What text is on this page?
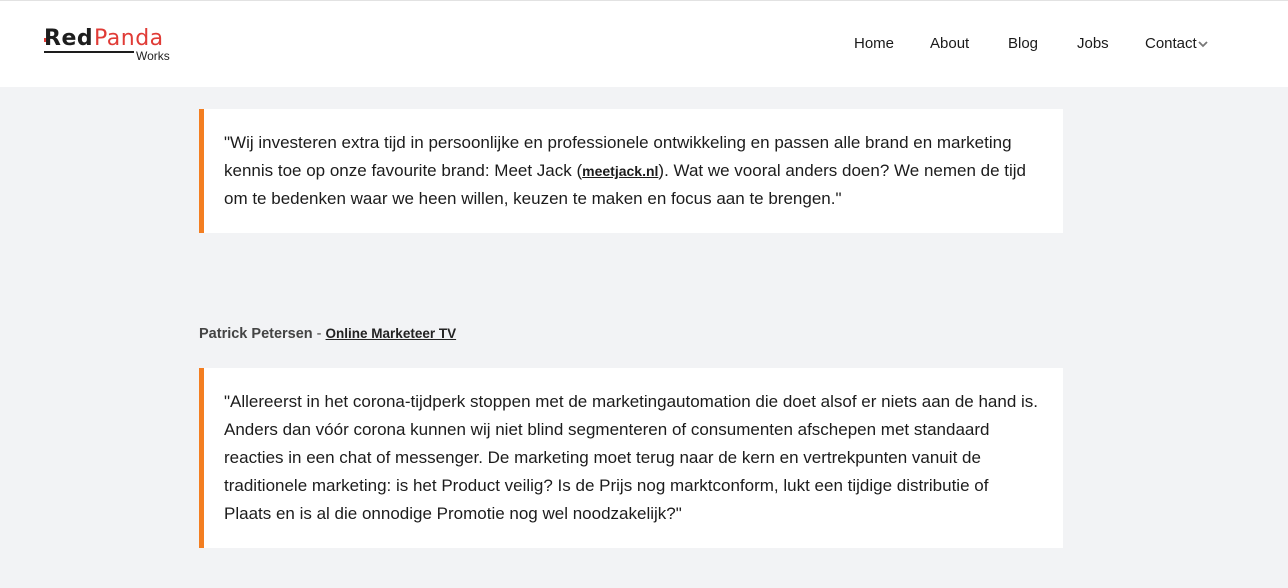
Red Panda
Works
Home About	Blog	Jobs Contact

"Wij investeren extra tijd in persoonlijke en professionele ontwikkeling en passen alle brand en marketing kennis toe op onze favourite brand: Meet Jack (meetjack.nl). Wat we vooral anders doen? We nemen de tijd om te bedenken waar we heen willen, keuzen te maken en focus aan te brengen."

Patrick Petersen - Online Marketeer TV

"Allereerst in het corona-tijdperk stoppen met de marketingautomation die doet alsof er niets aan de hand is. Anders dan vóór corona kunnen wij niet blind segmenteren of consumenten afschepen met standaard reacties in een chat of messenger. De marketing moet terug naar de kern en vertrekpunten vanuit de traditionele marketing: is het Product veilig? Is de Prijs nog marktconform, lukt een tijdige distributie of Plaats en is al die onnodige Promotie nog wel noodzakelijk?"
